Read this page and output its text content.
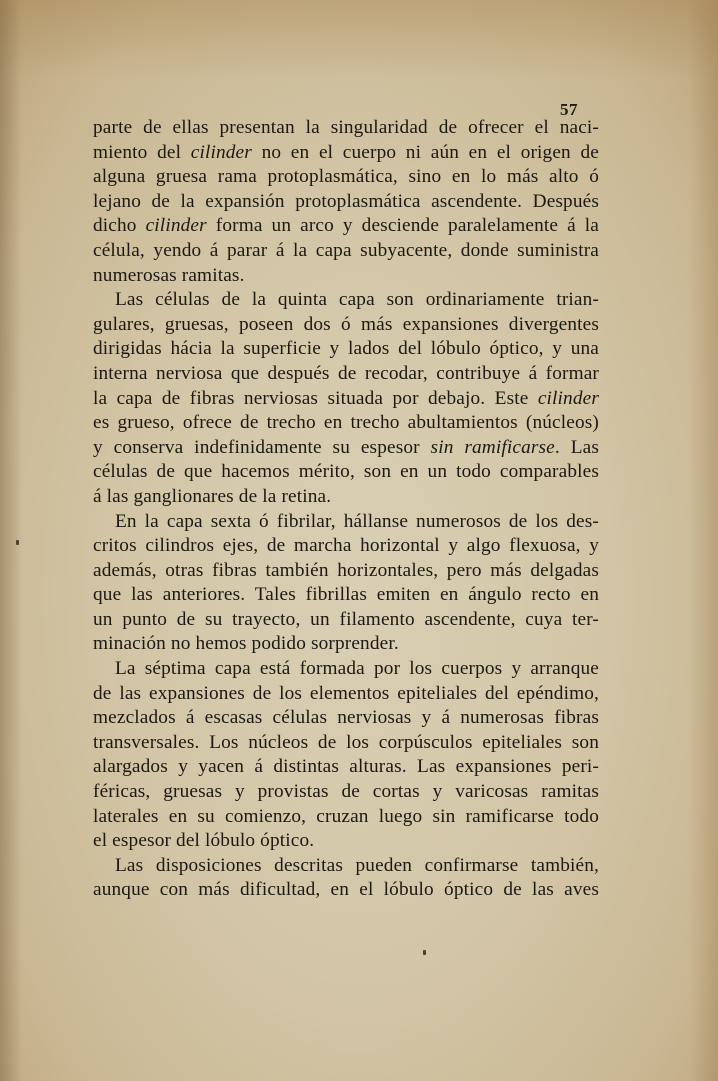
57
parte de ellas presentan la singularidad de ofrecer el naci-
miento del cilinder no en el cuerpo ni aún en el origen de
alguna gruesa rama protoplasmática, sino en lo más alto ó
lejano de la expansión protoplasmática ascendente. Después
dicho cilinder forma un arco y desciende paralelamente á la
célula, yendo á parar á la capa subyacente, donde suministra
numerosas ramitas.
Las células de la quinta capa son ordinariamente trian-
gulares, gruesas, poseen dos ó más expansiones divergentes
dirigidas hácia la superficie y lados del lóbulo óptico, y una
interna nerviosa que después de recodar, contribuye á formar
la capa de fibras nerviosas situada por debajo. Este cilinder
es grueso, ofrece de trecho en trecho abultamientos (núcleos)
y conserva indefinidamente su espesor sin ramificarse. Las
células de que hacemos mérito, son en un todo comparables
á las ganglionares de la retina.
En la capa sexta ó fibrilar, hállanse numerosos de los des-
critos cilindros ejes, de marcha horizontal y algo flexuosa, y
además, otras fibras también horizontales, pero más delgadas
que las anteriores. Tales fibrillas emiten en ángulo recto en
un punto de su trayecto, un filamento ascendente, cuya ter-
minación no hemos podido sorprender.
La séptima capa está formada por los cuerpos y arranque
de las expansiones de los elementos epiteliales del epéndimo,
mezclados á escasas células nerviosas y á numerosas fibras
transversales. Los núcleos de los corpúsculos epiteliales son
alargados y yacen á distintas alturas. Las expansiones peri-
féricas, gruesas y provistas de cortas y varicosas ramitas
laterales en su comienzo, cruzan luego sin ramificarse todo
el espesor del lóbulo óptico.
Las disposiciones descritas pueden confirmarse también,
aunque con más dificultad, en el lóbulo óptico de las aves
